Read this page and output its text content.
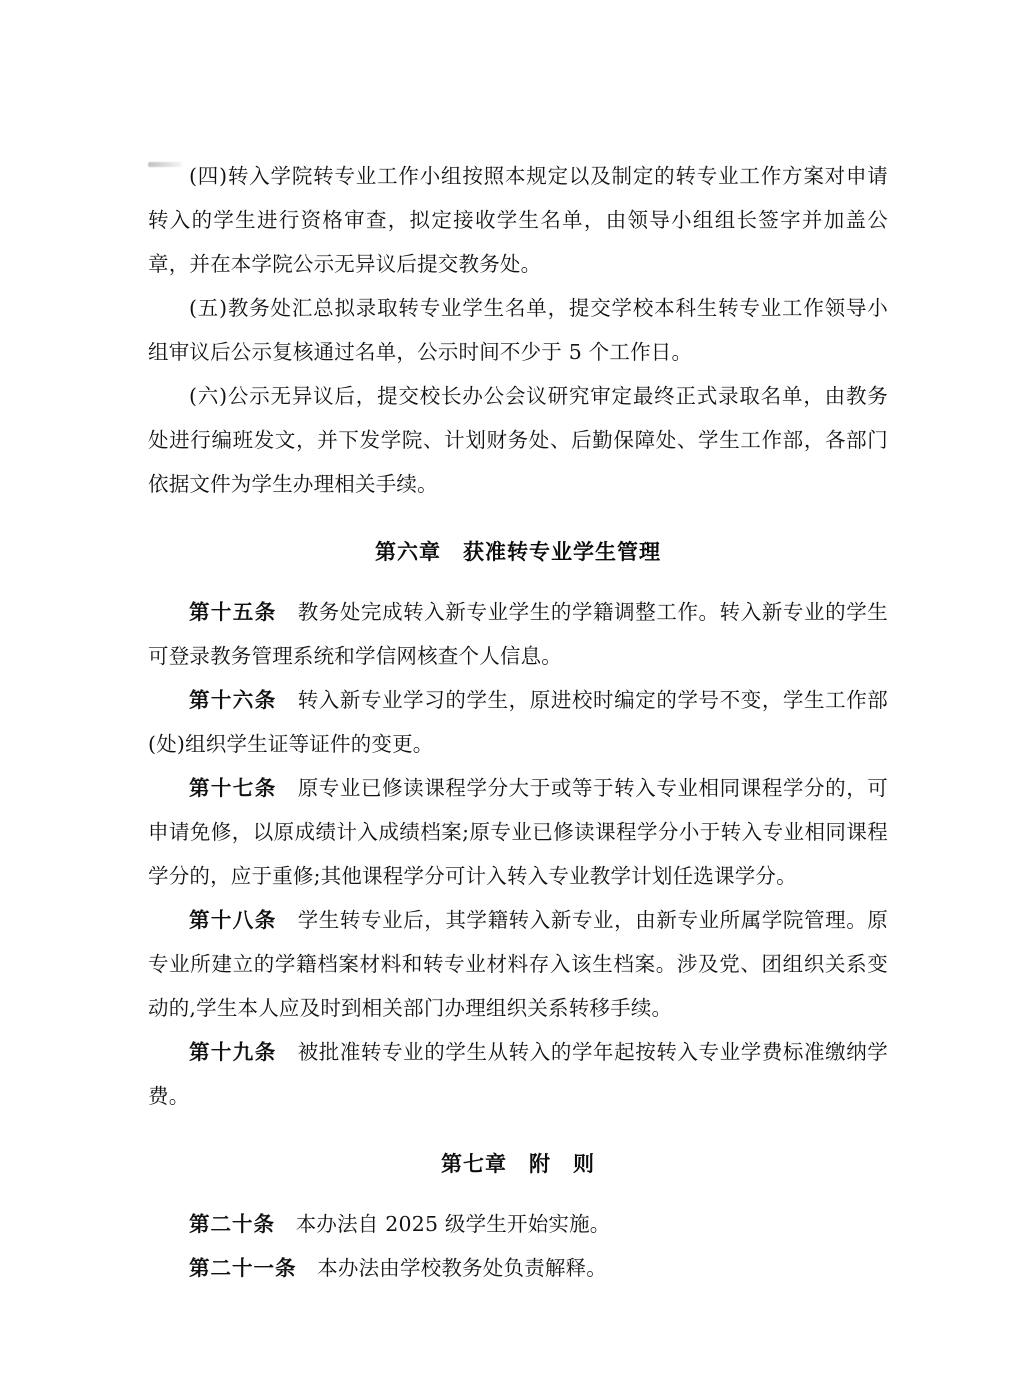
(四)转入学院转专业工作小组按照本规定以及制定的转专业工作方案对申请转入的学生进行资格审查，拟定接收学生名单，由领导小组组长签字并加盖公章，并在本学院公示无异议后提交教务处。

(五)教务处汇总拟录取转专业学生名单，提交学校本科生转专业工作领导小组审议后公示复核通过名单，公示时间不少于 5 个工作日。

(六)公示无异议后，提交校长办公会议研究审定最终正式录取名单，由教务处进行编班发文，并下发学院、计划财务处、后勤保障处、学生工作部，各部门依据文件为学生办理相关手续。

第六章　获准转专业学生管理

第十五条　 教务处完成转入新专业学生的学籍调整工作。转入新专业的学生可登录教务管理系统和学信网核查个人信息。

第十六条　 转入新专业学习的学生，原进校时编定的学号不变，学生工作部(处)组织学生证等证件的变更。

第十七条　 原专业已修读课程学分大于或等于转入专业相同课程学分的，可申请免修，以原成绩计入成绩档案;原专业已修读课程学分小于转入专业相同课程学分的，应于重修;其他课程学分可计入转入专业教学计划任选课学分。

第十八条　 学生转专业后，其学籍转入新专业，由新专业所属学院管理。原专业所建立的学籍档案材料和转专业材料存入该生档案。涉及党、团组织关系变动的,学生本人应及时到相关部门办理组织关系转移手续。

第十九条　 被批准转专业的学生从转入的学年起按转入专业学费标准缴纳学费。

第七章　附　则

第二十条　 本办法自 2025 级学生开始实施。

第二十一条　 本办法由学校教务处负责解释。
